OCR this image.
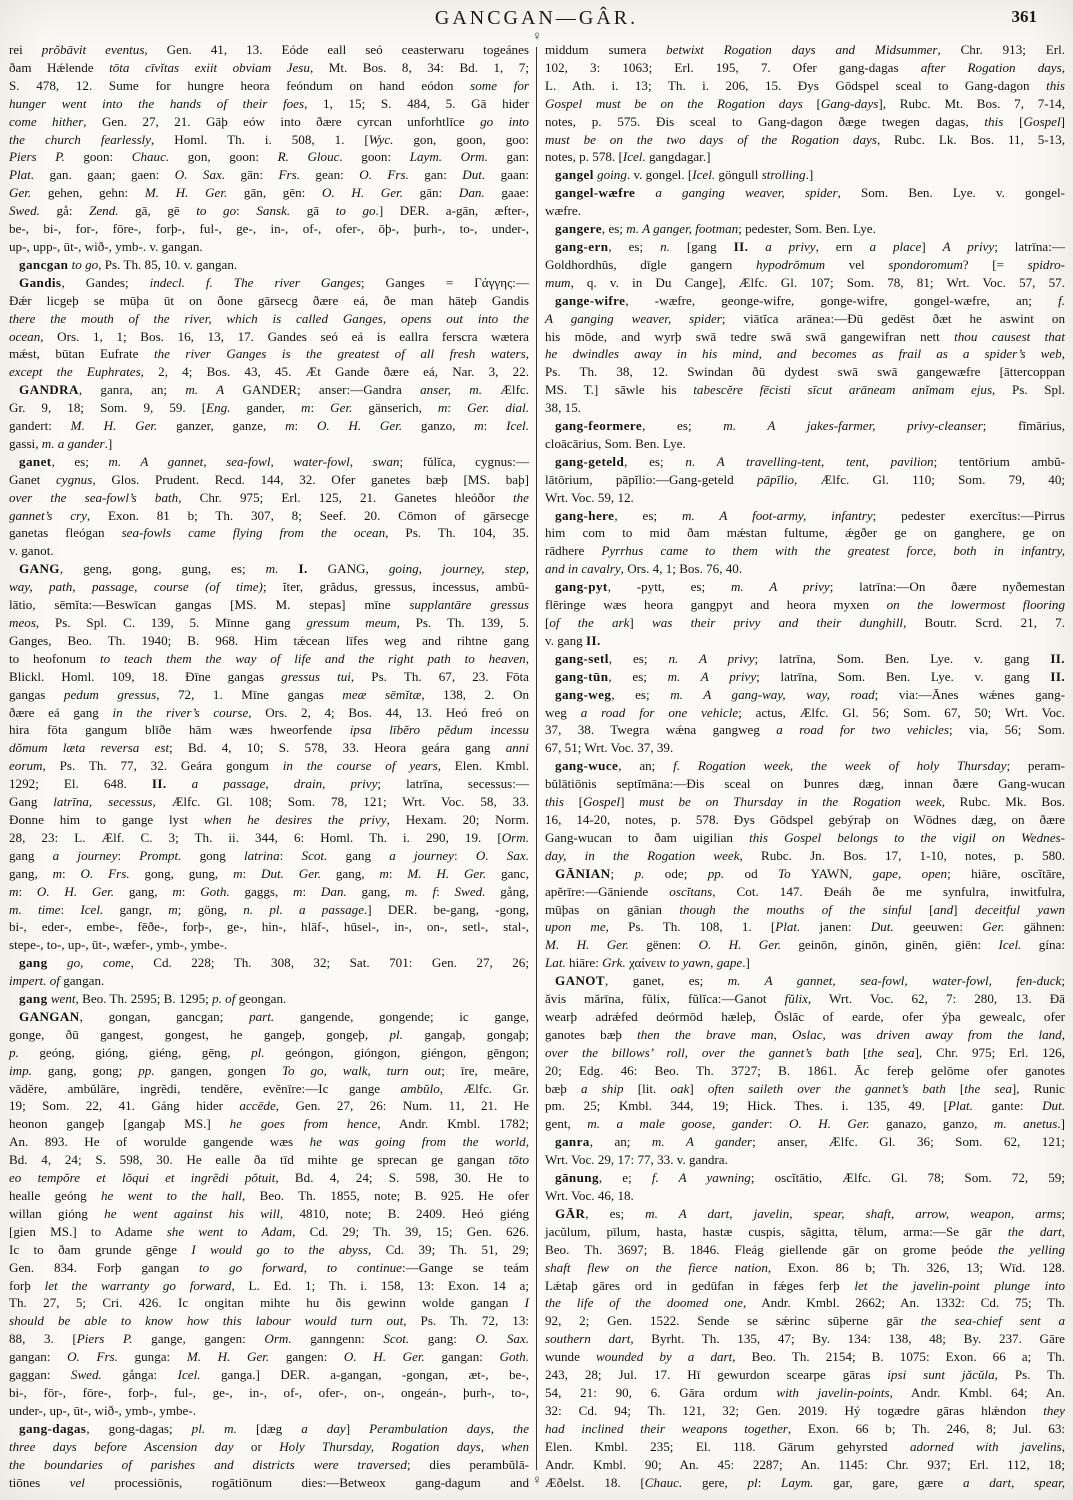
GANCGAN—GÂR.	361
rei prŏbāvit eventus, Gen. 41, 13. Eóde eall seó ceasterwaru togeánes
ðam Hǽlende tōta cīvĭtas exiit obviam Jesu, Mt. Bos. 8, 34: Bd. 1, 7;
S. 478, 12. Sume for hungre heora feóndum on hand eódon some for
hunger went into the hands of their foes, 1, 15; S. 484, 5. Gā hider
come hither, Gen. 27, 21. Gāþ eów into ðære cyrcan unforhtlīce go into
the church fearlessly, Homl. Th. i. 508, 1. [Wyc. gon, goon, goo:
Piers P. goon: Chauc. gon, goon: R. Glouc. goon: Laym. Orm. gan:
Plat. gan. gaan; gaen: O. Sax. gān: Frs. gean: O. Frs. gan: Dut. gaan:
Ger. gehen, gehn: M. H. Ger. gān, gēn: O. H. Ger. gān: Dan. gaae:
Swed. gå: Zend. gā, gē to go: Sansk. gā to go.] DER. a-gān, æfter-,
be-, bi-, for-, fōre-, forþ-, ful-, ge-, in-, of-, ofer-, ōþ-, þurh-, to-, under-,
up-, upp-, ūt-, wið-, ymb-. v. gangan.
gancgan to go, Ps. Th. 85, 10. v. gangan.
Gandis, Gandes; indecl. f. The river Ganges; Ganges = Γάγγης:—
Ðǽr licgeþ se mūþa ūt on ðone gārsecg ðære eá, ðe man hāteþ Gandis
there the mouth of the river, which is called Ganges, opens out into the
ocean, Ors. 1, 1; Bos. 16, 13, 17. Gandes seó eá is eallra ferscra wætera
mǽst, būtan Eufrate the river Ganges is the greatest of all fresh waters,
except the Euphrates, 2, 4; Bos. 43, 45. Æt Gande ðære eá, Nar. 3, 22.
GANDRA, ganra, an; m. A GANDER; anser:—Gandra anser, m. Ælfc.
Gr. 9, 18; Som. 9, 59. [Eng. gander, m: Ger. gänserich, m: Ger. dial.
gandert: M. H. Ger. ganzer, ganze, m: O. H. Ger. ganzo, m: Icel.
gassi, m. a gander.]
ganet, es; m. A gannet, sea-fowl, water-fowl, swan; fŭlĭca, cygnus:—
Ganet cygnus, Glos. Prudent. Recd. 144, 32. Ofer ganetes bæþ [MS. baþ]
over the sea-fowl’s bath, Chr. 975; Erl. 125, 21. Ganetes hleóðor the
gannet’s cry, Exon. 81 b; Th. 307, 8; Seef. 20. Cōmon of gārsecge
ganetas fleógan sea-fowls came flying from the ocean, Ps. Th. 104, 35.
v. ganot.
GANG, geng, gong, gung, es; m. I. GANG, going, journey, step,
way, path, passage, course (of time); ĭter, grădus, gressus, incessus, ambŭ-
lātio, sēmĭta:—Beswīcan gangas [MS. M. stepas] mīne supplantāre gressus
meos, Ps. Spl. C. 139, 5. Mīnne gang gressum meum, Ps. Th. 139, 5.
Ganges, Beo. Th. 1940; B. 968. Him tǽcean līfes weg and rihtne gang
to heofonum to teach them the way of life and the right path to heaven,
Blickl. Homl. 109, 18. Ðīne gangas gressus tui, Ps. Th. 67, 23. Fōta
gangas pedum gressus, 72, 1. Mīne gangas meæ sēmĭtæ, 138, 2. On
ðære eá gang in the river’s course, Ors. 2, 4; Bos. 44, 13. Heó freó on
hira fōta gangum blīðe hām wæs hweorfende ipsa lībĕro pĕdum incessu
dŏmum læta reversa est; Bd. 4, 10; S. 578, 33. Heora geára gang anni
eorum, Ps. Th. 77, 32. Geára gongum in the course of years, Elen. Kmbl.
1292; El. 648. II. a passage, drain, privy; latrīna, secessus:—
Gang latrīna, secessus, Ælfc. Gl. 108; Som. 78, 121; Wrt. Voc. 58, 33.
Ðonne him to gange lyst when he desires the privy, Hexam. 20; Norm.
28, 23: L. Ælf. C. 3; Th. ii. 344, 6: Homl. Th. i. 290, 19. [Orm.
gang a journey: Prompt. gong latrina: Scot. gang a journey: O. Sax.
gang, m: O. Frs. gong, gung, m: Dut. Ger. gang, m: M. H. Ger. ganc,
m: O. H. Ger. gang, m: Goth. gaggs, m: Dan. gang, m. f: Swed. gång,
m. time: Icel. gangr, m; göng, n. pl. a passage.] DER. be-gang, -gong,
bi-, eder-, embe-, fēðe-, forþ-, ge-, hin-, hlāf-, hūsel-, in-, on-, setl-, stal-,
stepe-, to-, up-, ūt-, wæfer-, ymb-, ymbe-.
gang go, come, Cd. 228; Th. 308, 32; Sat. 701: Gen. 27, 26;
impert. of gangan.
gang went, Beo. Th. 2595; B. 1295; p. of geongan.
GANGAN, gongan, gancgan; part. gangende, gongende; ic gange,
gonge, ðū gangest, gongest, he gangeþ, gongeþ, pl. gangaþ, gongaþ;
p. geóng, gióng, giéng, gēng, pl. geóngon, gióngon, giéngon, gēngon;
imp. gang, gong; pp. gangen, gongen To go, walk, turn out; īre, meāre,
vādĕre, ambŭlāre, ingrĕdi, tendĕre, evĕnīre:—Ic gange ambŭlo, Ælfc. Gr.
19; Som. 22, 41. Gáng hider accēde, Gen. 27, 26: Num. 11, 21. He
heonon gangeþ [gangaþ MS.] he goes from hence, Andr. Kmbl. 1782;
An. 893. He of worulde gangende wæs he was going from the world,
Bd. 4, 24; S. 598, 30. He ealle ða tīd mihte ge sprecan ge gangan tōto
eo tempŏre et lŏqui et ingrĕdi pŏtuit, Bd. 4, 24; S. 598, 30. He to
healle geóng he went to the hall, Beo. Th. 1855, note; B. 925. He ofer
willan gióng he went against his will, 4810, note; B. 2409. Heó giéng
[gien MS.] to Adame she went to Adam, Cd. 29; Th. 39, 15; Gen. 626.
Ic to ðam grunde gēnge I would go to the abyss, Cd. 39; Th. 51, 29;
Gen. 834. Forþ gangan to go forward, to continue:—Gange se teám
forþ let the warranty go forward, L. Ed. 1; Th. i. 158, 13: Exon. 14 a;
Th. 27, 5; Cri. 426. Ic ongitan mihte hu ðis gewinn wolde gangan I
should be able to know how this labour would turn out, Ps. Th. 72, 13:
88, 3. [Piers P. gange, gangen: Orm. ganngenn: Scot. gang: O. Sax.
gangan: O. Frs. gunga: M. H. Ger. gangen: O. H. Ger. gangan: Goth.
gaggan: Swed. gånga: Icel. ganga.] DER. a-gangan, -gongan, æt-, be-,
bi-, fōr-, fōre-, forþ-, ful-, ge-, in-, of-, ofer-, on-, ongeán-, þurh-, to-,
under-, up-, ūt-, wið-, ymb-, ymbe-.
gang-dagas, gong-dagas; pl. m. [dæg a day] Perambulation days, the
three days before Ascension day or Holy Thursday, Rogation days, when
the boundaries of parishes and districts were traversed; dies perambŭlā-
tiōnes vel processiōnis, rogātiōnum dies:—Betweox gang-dagum and
♀
♀
middum sumera betwixt Rogation days and Midsummer, Chr. 913; Erl.
102, 3: 1063; Erl. 195, 7. Ofer gang-dagas after Rogation days,
L. Ath. i. 13; Th. i. 206, 15. Ðys Gōdspel sceal to Gang-dagon this
Gospel must be on the Rogation days [Gang-days], Rubc. Mt. Bos. 7, 7-14,
notes, p. 575. Ðis sceal to Gang-dagon ðæge twegen dagas, this [Gospel]
must be on the two days of the Rogation days, Rubc. Lk. Bos. 11, 5-13,
notes, p. 578. [Icel. gangdagar.]
gangel going. v. gongel. [Icel. göngull strolling.]
gangel-wæfre a ganging weaver, spider, Som. Ben. Lye. v. gongel-
wæfre.
gangere, es; m. A ganger, footman; pedester, Som. Ben. Lye.
gang-ern, es; n. [gang II. a privy, ern a place] A privy; latrīna:—
Goldhordhūs, dīgle gangern hypodrŏmum vel spondoromum? [= spidro-
mum, q. v. in Du Cange], Ælfc. Gl. 107; Som. 78, 81; Wrt. Voc. 57, 57.
gange-wifre, -wæfre, geonge-wifre, gonge-wifre, gongel-wæfre, an; f.
A ganging weaver, spider; viātĭca arānea:—Ðū gedēst ðæt he aswint on
his mōde, and wyrþ swā tedre swā swā gangewifran nett thou causest that
he dwindles away in his mind, and becomes as frail as a spider’s web,
Ps. Th. 38, 12. Swindan ðū dydest swā swā gangewæfre [āttercoppan
MS. T.] sāwle his tabescĕre fēcisti sīcut arāneam anĭmam ejus, Ps. Spl.
38, 15.
gang-feormere, es; m. A jakes-farmer, privy-cleanser; fĭmārius,
cloācārius, Som. Ben. Lye.
gang-geteld, es; n. A travelling-tent, tent, pavilion; tentōrium ambŭ-
lātōrium, pāpĭlio:—Gang-geteld pāpĭlio, Ælfc. Gl. 110; Som. 79, 40;
Wrt. Voc. 59, 12.
gang-here, es; m. A foot-army, infantry; pedester exercĭtus:—Pirrus
him com to mid ðam mǽstan fultume, ǽgðer ge on ganghere, ge on
rādhere Pyrrhus came to them with the greatest force, both in infantry,
and in cavalry, Ors. 4, 1; Bos. 76, 40.
gang-pyt, -pytt, es; m. A privy; latrīna:—On ðære nyðemestan
flēringe wæs heora gangpyt and heora myxen on the lowermost flooring
[of the ark] was their privy and their dunghill, Boutr. Scrd. 21, 7.
v. gang II.
gang-setl, es; n. A privy; latrīna, Som. Ben. Lye. v. gang II.
gang-tūn, es; m. A privy; latrīna, Som. Ben. Lye. v. gang II.
gang-weg, es; m. A gang-way, way, road; via:—Ānes wǽnes gang-
weg a road for one vehicle; actus, Ælfc. Gl. 56; Som. 67, 50; Wrt. Voc.
37, 38. Twegra wǽna gangweg a road for two vehicles; via, 56; Som.
67, 51; Wrt. Voc. 37, 39.
gang-wuce, an; f. Rogation week, the week of holy Thursday; peram-
bŭlātiōnis septĭmāna:—Ðis sceal on Þunres dæg, innan ðære Gang-wucan
this [Gospel] must be on Thursday in the Rogation week, Rubc. Mk. Bos.
16, 14-20, notes, p. 578. Ðys Gōdspel gebýraþ on Wōdnes dæg, on ðære
Gang-wucan to ðam uigilian this Gospel belongs to the vigil on Wednes-
day, in the Rogation week, Rubc. Jn. Bos. 17, 1-10, notes, p. 580.
GĀNIAN; p. ode; pp. od To YAWN, gape, open; hiāre, oscĭtāre,
apĕrīre:—Gāniende oscĭtans, Cot. 147. Ðeáh ðe me synfulra, inwitfulra,
mūþas on gānian though the mouths of the sinful [and] deceitful yawn
upon me, Ps. Th. 108, 1. [Plat. janen: Dut. geeuwen: Ger. gähnen:
M. H. Ger. gënen: O. H. Ger. geinōn, ginōn, ginēn, giēn: Icel. gína:
Lat. hiāre: Grk. χαίνειν to yawn, gape.]
GANOT, ganet, es; m. A gannet, sea-fowl, water-fowl, fen-duck;
ăvis mărīna, fŭlix, fŭlĭca:—Ganot fŭlix, Wrt. Voc. 62, 7: 280, 13. Ðā
wearþ adrǽfed deórmōd hæleþ, Ōslāc of earde, ofer ýþa gewealc, ofer
ganotes bæþ then the brave man, Oslac, was driven away from the land,
over the billows’ roll, over the gannet’s bath [the sea], Chr. 975; Erl. 126,
20; Edg. 46: Beo. Th. 3727; B. 1861. Āc fereþ gelōme ofer ganotes
bæþ a ship [lit. oak] often saileth over the gannet’s bath [the sea], Runic
pm. 25; Kmbl. 344, 19; Hick. Thes. i. 135, 49. [Plat. gante: Dut.
gent, m. a male goose, gander: O. H. Ger. ganazo, ganzo, m. anetus.]
ganra, an; m. A gander; anser, Ælfc. Gl. 36; Som. 62, 121;
Wrt. Voc. 29, 17: 77, 33. v. gandra.
gānung, e; f. A yawning; oscĭtātio, Ælfc. Gl. 78; Som. 72, 59;
Wrt. Voc. 46, 18.
GĀR, es; m. A dart, javelin, spear, shaft, arrow, weapon, arms;
jacŭlum, pīlum, hasta, hastæ cuspis, săgitta, tēlum, arma:—Se gār the dart,
Beo. Th. 3697; B. 1846. Fleág giellende gār on grome þeóde the yelling
shaft flew on the fierce nation, Exon. 86 b; Th. 326, 13; Wīd. 128.
Lǽtaþ gāres ord in gedūfan in fǽges ferþ let the javelin-point plunge into
the life of the doomed one, Andr. Kmbl. 2662; An. 1332: Cd. 75; Th.
92, 2; Gen. 1522. Sende se sǽrinc sūþerne gār the sea-chief sent a
southern dart, Byrht. Th. 135, 47; By. 134: 138, 48; By. 237. Gāre
wunde wounded by a dart, Beo. Th. 2154; B. 1075: Exon. 66 a; Th.
243, 28; Jul. 17. Hī gewurdon scearpe gāras ipsi sunt jăcŭla, Ps. Th.
54, 21: 90, 6. Gāra ordum with javelin-points, Andr. Kmbl. 64; An.
32: Cd. 94; Th. 121, 32; Gen. 2019. Hý togædre gāras hlǽndon they
had inclined their weapons together, Exon. 66 b; Th. 246, 8; Jul. 63:
Elen. Kmbl. 235; El. 118. Gārum gehyrsted adorned with javelins,
Andr. Kmbl. 90; An. 45: 2287; An. 1145: Chr. 937; Erl. 112, 18;
Æðelst. 18. [Chauc. gere, pl: Laym. gar, gare, gære a dart, spear,
